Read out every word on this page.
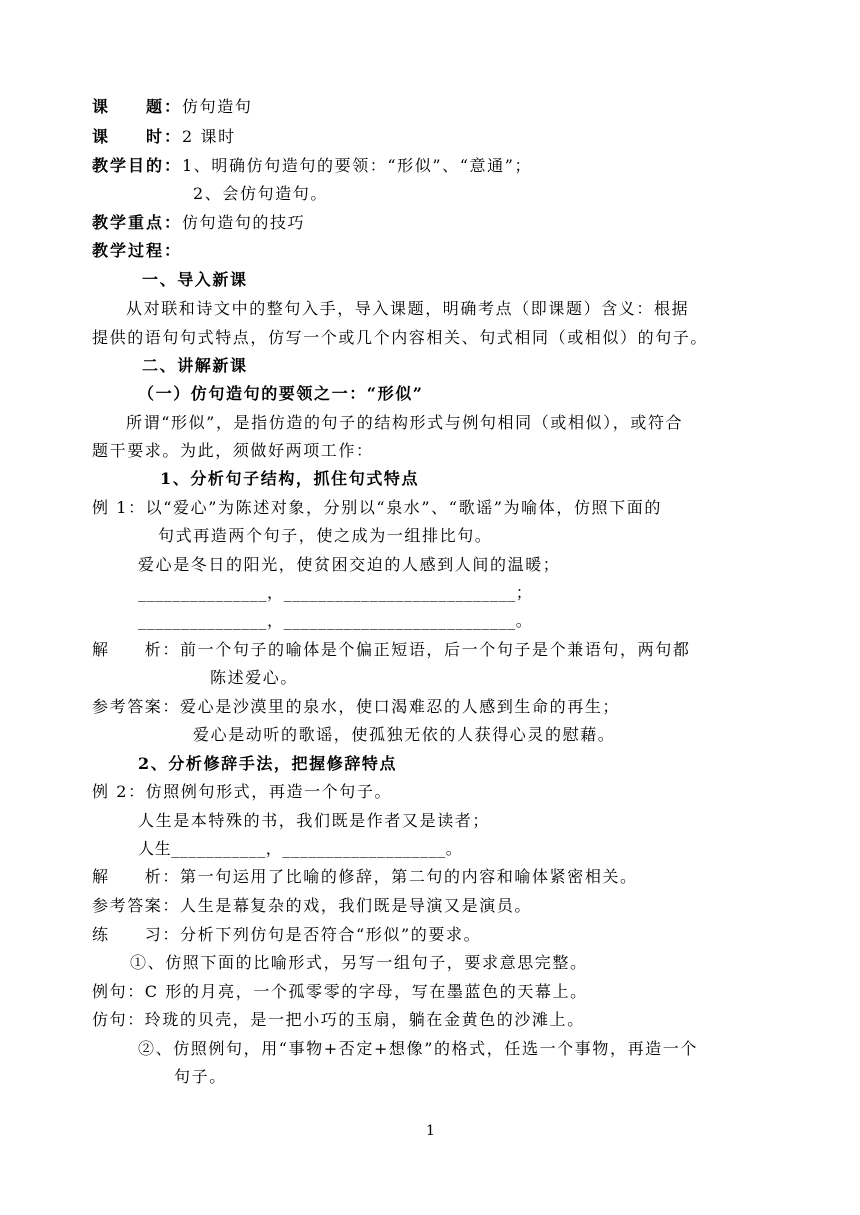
课　　题：仿句造句
课　　时：2 课时
教学目的：1、明确仿句造句的要领：“形似”、“意通”；
2、会仿句造句。
教学重点：仿句造句的技巧
教学过程：
一、导入新课
从对联和诗文中的整句入手，导入课题，明确考点（即课题）含义：根据
提供的语句句式特点，仿写一个或几个内容相关、句式相同（或相似）的句子。
二、讲解新课
（一）仿句造句的要领之一：“形似”
所谓“形似”，是指仿造的句子的结构形式与例句相同（或相似），或符合
题干要求。为此，须做好两项工作：
1、分析句子结构，抓住句式特点
例 1：以“爱心”为陈述对象，分别以“泉水”、“歌谣”为喻体，仿照下面的
句式再造两个句子，使之成为一组排比句。
爱心是冬日的阳光，使贫困交迫的人感到人间的温暖；
_______________，___________________________；
_______________，___________________________。
解　　析：前一个句子的喻体是个偏正短语，后一个句子是个兼语句，两句都
陈述爱心。
参考答案：爱心是沙漠里的泉水，使口渴难忍的人感到生命的再生；
爱心是动听的歌谣，使孤独无依的人获得心灵的慰藉。
2、分析修辞手法，把握修辞特点
例 2：仿照例句形式，再造一个句子。
人生是本特殊的书，我们既是作者又是读者；
人生___________，___________________。
解　　析：第一句运用了比喻的修辞，第二句的内容和喻体紧密相关。
参考答案：人生是幕复杂的戏，我们既是导演又是演员。
练　　习：分析下列仿句是否符合“形似”的要求。
①、仿照下面的比喻形式，另写一组句子，要求意思完整。
例句：C 形的月亮，一个孤零零的字母，写在墨蓝色的天幕上。
仿句：玲珑的贝壳，是一把小巧的玉扇，躺在金黄色的沙滩上。
②、仿照例句，用“事物+否定+想像”的格式，任选一个事物，再造一个
句子。
1
